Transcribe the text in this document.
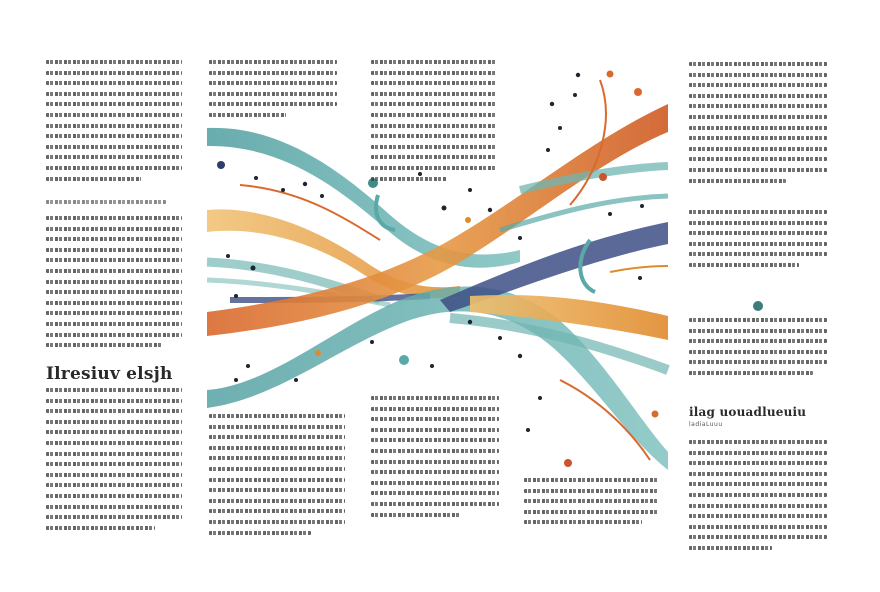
Ilresiuv elsjh
ilag uouadlueuiu
ladiaLuuu
